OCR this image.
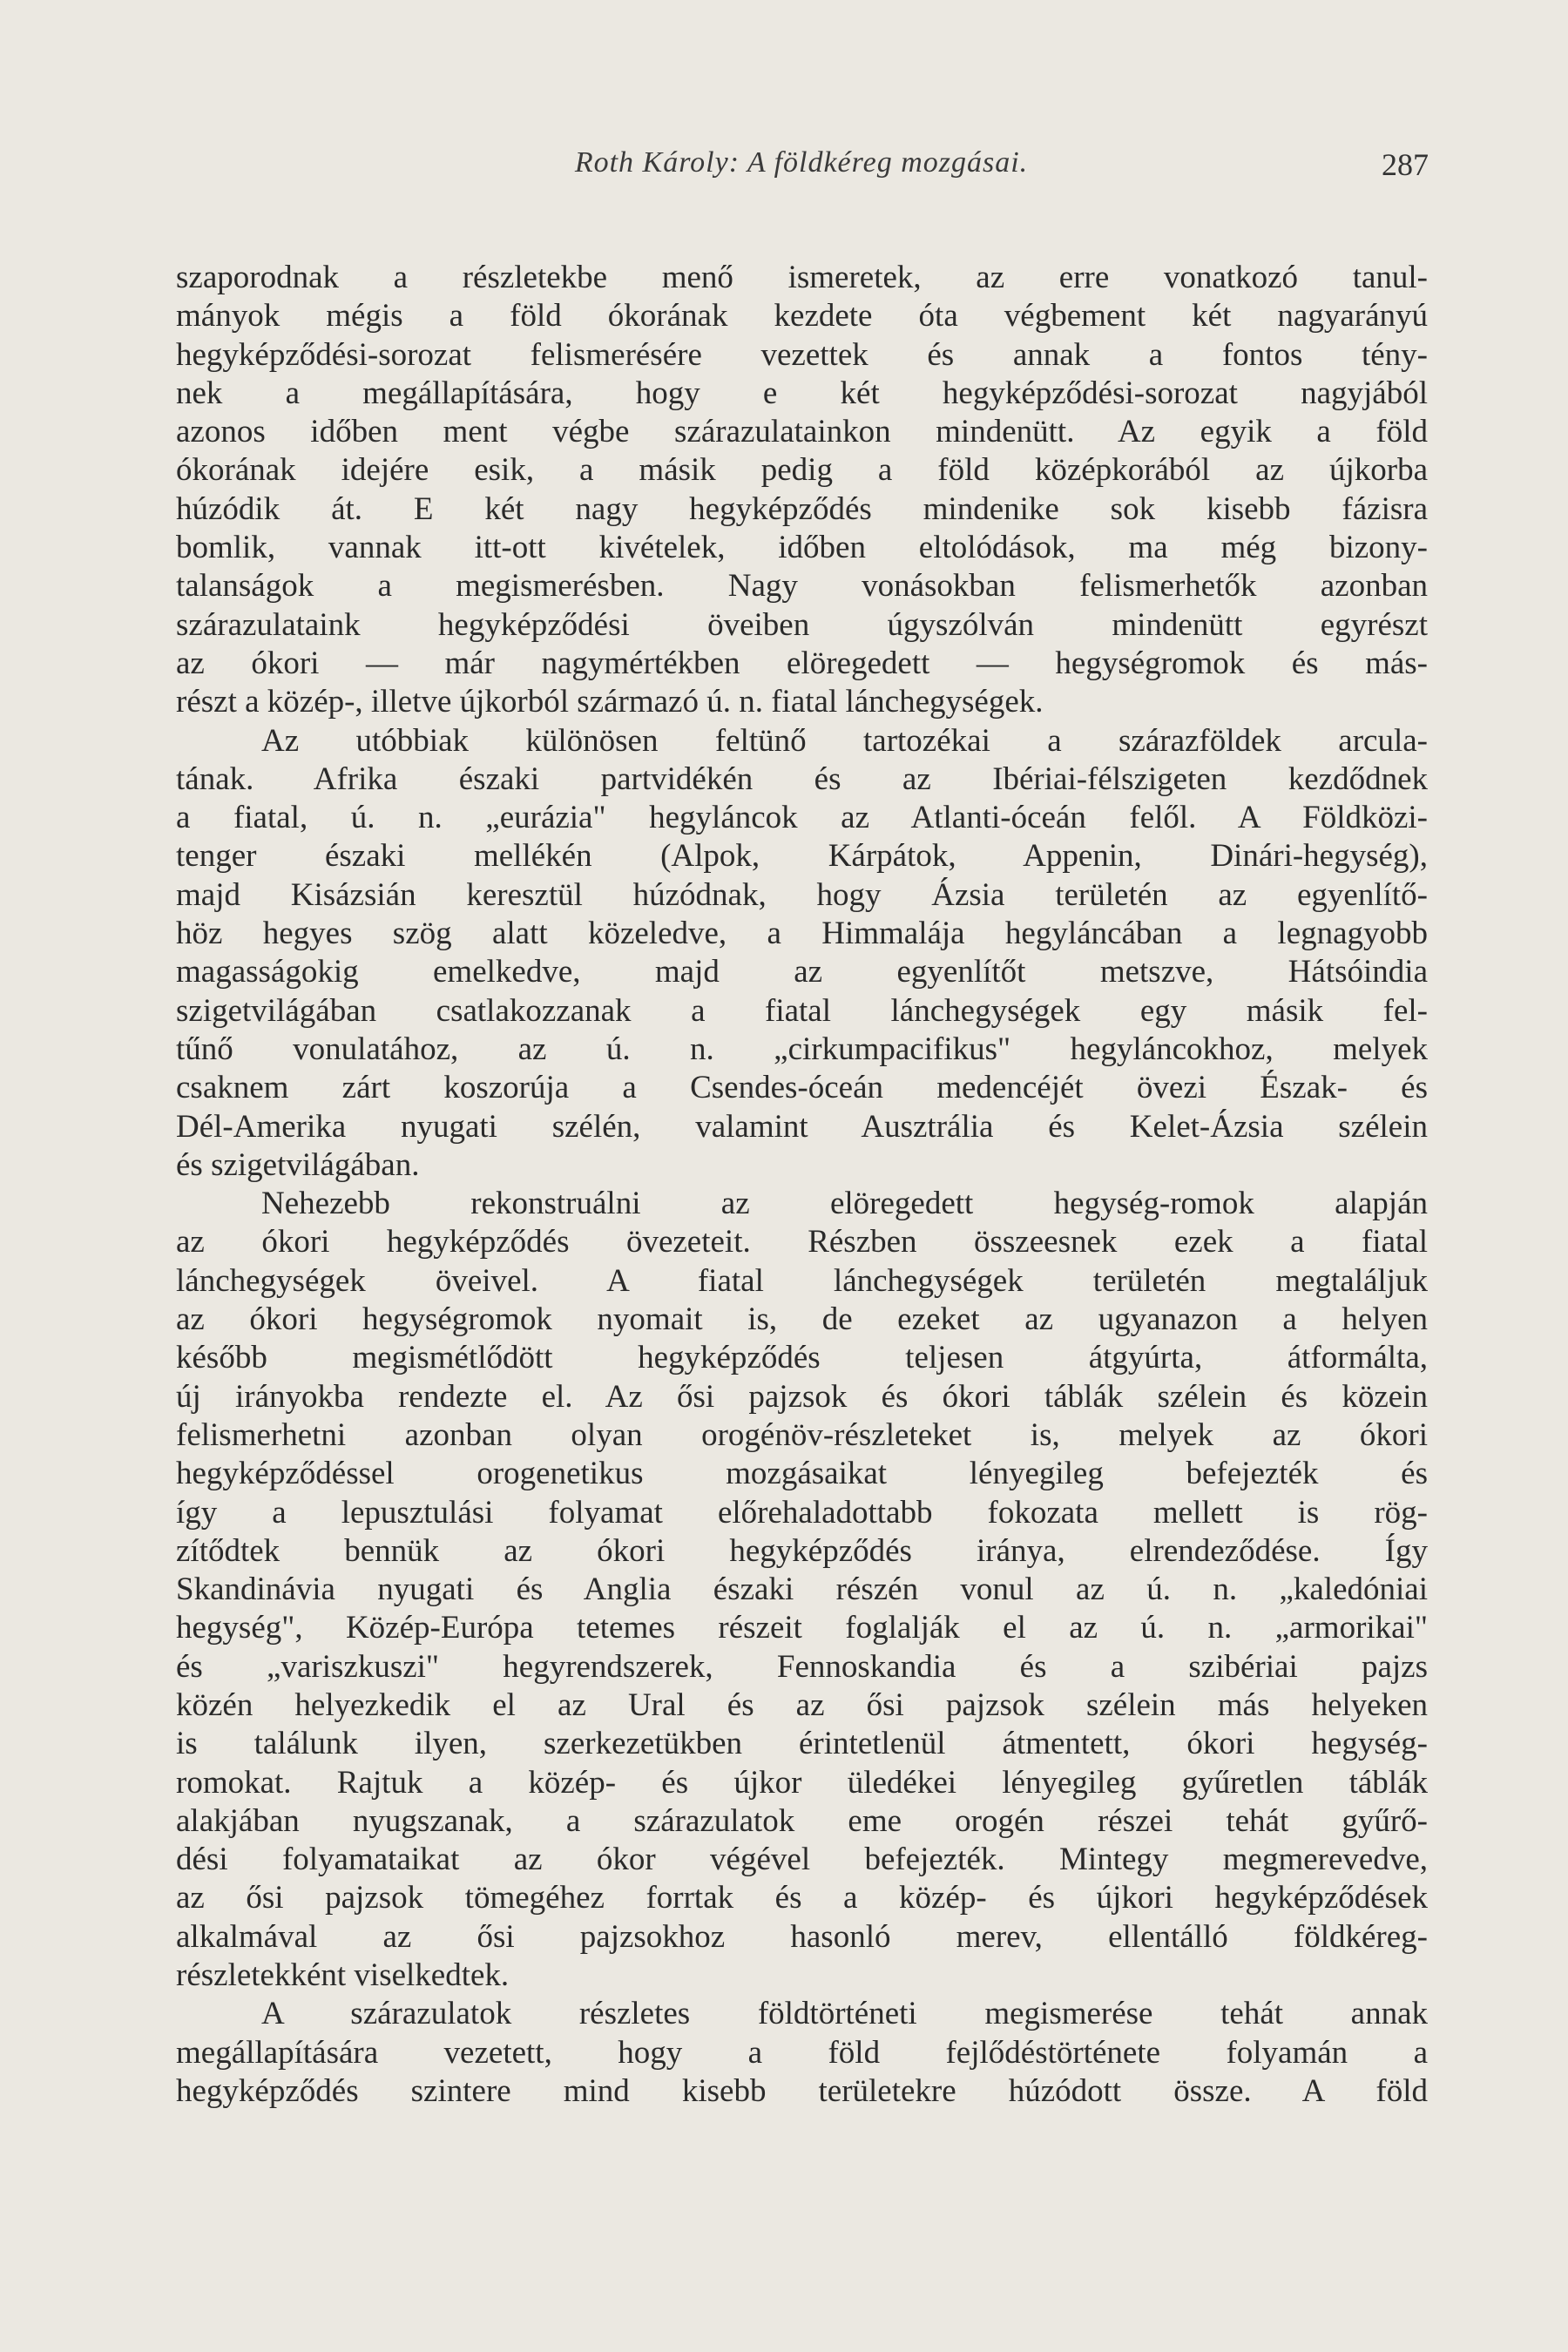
Roth Károly: A földkéreg mozgásai.	287
szaporodnak a részletekbe menő ismeretek, az erre vonatkozó tanul-
mányok mégis a föld ókorának kezdete óta végbement két nagyarányú
hegyképződési-sorozat felismerésére vezettek és annak a fontos tény-
nek a megállapítására, hogy e két hegyképződési-sorozat nagyjából
azonos időben ment végbe szárazulatainkon mindenütt. Az egyik a föld
ókorának idejére esik, a másik pedig a föld középkorából az újkorba
húzódik át. E két nagy hegyképződés mindenike sok kisebb fázisra
bomlik, vannak itt-ott kivételek, időben eltolódások, ma még bizony-
talanságok a megismerésben. Nagy vonásokban felismerhetők azonban
szárazulataink hegyképződési öveiben úgyszólván mindenütt egyrészt
az ókori — már nagymértékben elöregedett — hegységromok és más-
részt a közép-, illetve újkorból származó ú. n. fiatal lánchegységek.
Az utóbbiak különösen feltünő tartozékai a szárazföldek arcula-
tának. Afrika északi partvidékén és az Ibériai-félszigeten kezdődnek
a fiatal, ú. n. „eurázia" hegyláncok az Atlanti-óceán felől. A Földközi-
tenger északi mellékén (Alpok, Kárpátok, Appenin, Dinári-hegység),
majd Kisázsián keresztül húzódnak, hogy Ázsia területén az egyenlítő-
höz hegyes szög alatt közeledve, a Himmalája hegyláncában a legnagyobb
magasságokig emelkedve, majd az egyenlítőt metszve, Hátsóindia
szigetvilágában csatlakozzanak a fiatal lánchegységek egy másik fel-
tűnő vonulatához, az ú. n. „cirkumpacifikus" hegyláncokhoz, melyek
csaknem zárt koszorúja a Csendes-óceán medencéjét övezi Észak- és
Dél-Amerika nyugati szélén, valamint Ausztrália és Kelet-Ázsia szélein
és szigetvilágában.
Nehezebb rekonstruálni az elöregedett hegység-romok alapján
az ókori hegyképződés övezeteit. Részben összeesnek ezek a fiatal
lánchegységek öveivel. A fiatal lánchegységek területén megtaláljuk
az ókori hegységromok nyomait is, de ezeket az ugyanazon a helyen
később megismétlődött hegyképződés teljesen átgyúrta, átformálta,
új irányokba rendezte el. Az ősi pajzsok és ókori táblák szélein és közein
felismerhetni azonban olyan orogénöv-részleteket is, melyek az ókori
hegyképződéssel orogenetikus mozgásaikat lényegileg befejezték és
így a lepusztulási folyamat előrehaladottabb fokozata mellett is rög-
zítődtek bennük az ókori hegyképződés iránya, elrendeződése. Így
Skandinávia nyugati és Anglia északi részén vonul az ú. n. „kaledóniai
hegység", Közép-Európa tetemes részeit foglalják el az ú. n. „armorikai"
és „variszkuszi" hegyrendszerek, Fennoskandia és a szibériai pajzs
közén helyezkedik el az Ural és az ősi pajzsok szélein más helyeken
is találunk ilyen, szerkezetükben érintetlenül átmentett, ókori hegység-
romokat. Rajtuk a közép- és újkor üledékei lényegileg gyűretlen táblák
alakjában nyugszanak, a szárazulatok eme orogén részei tehát gyűrő-
dési folyamataikat az ókor végével befejezték. Mintegy megmerevedve,
az ősi pajzsok tömegéhez forrtak és a közép- és újkori hegyképződések
alkalmával az ősi pajzsokhoz hasonló merev, ellentálló földkéreg-
részletekként viselkedtek.
A szárazulatok részletes földtörténeti megismerése tehát annak
megállapítására vezetett, hogy a föld fejlődéstörténete folyamán a
hegyképződés szintere mind kisebb területekre húzódott össze. A föld
